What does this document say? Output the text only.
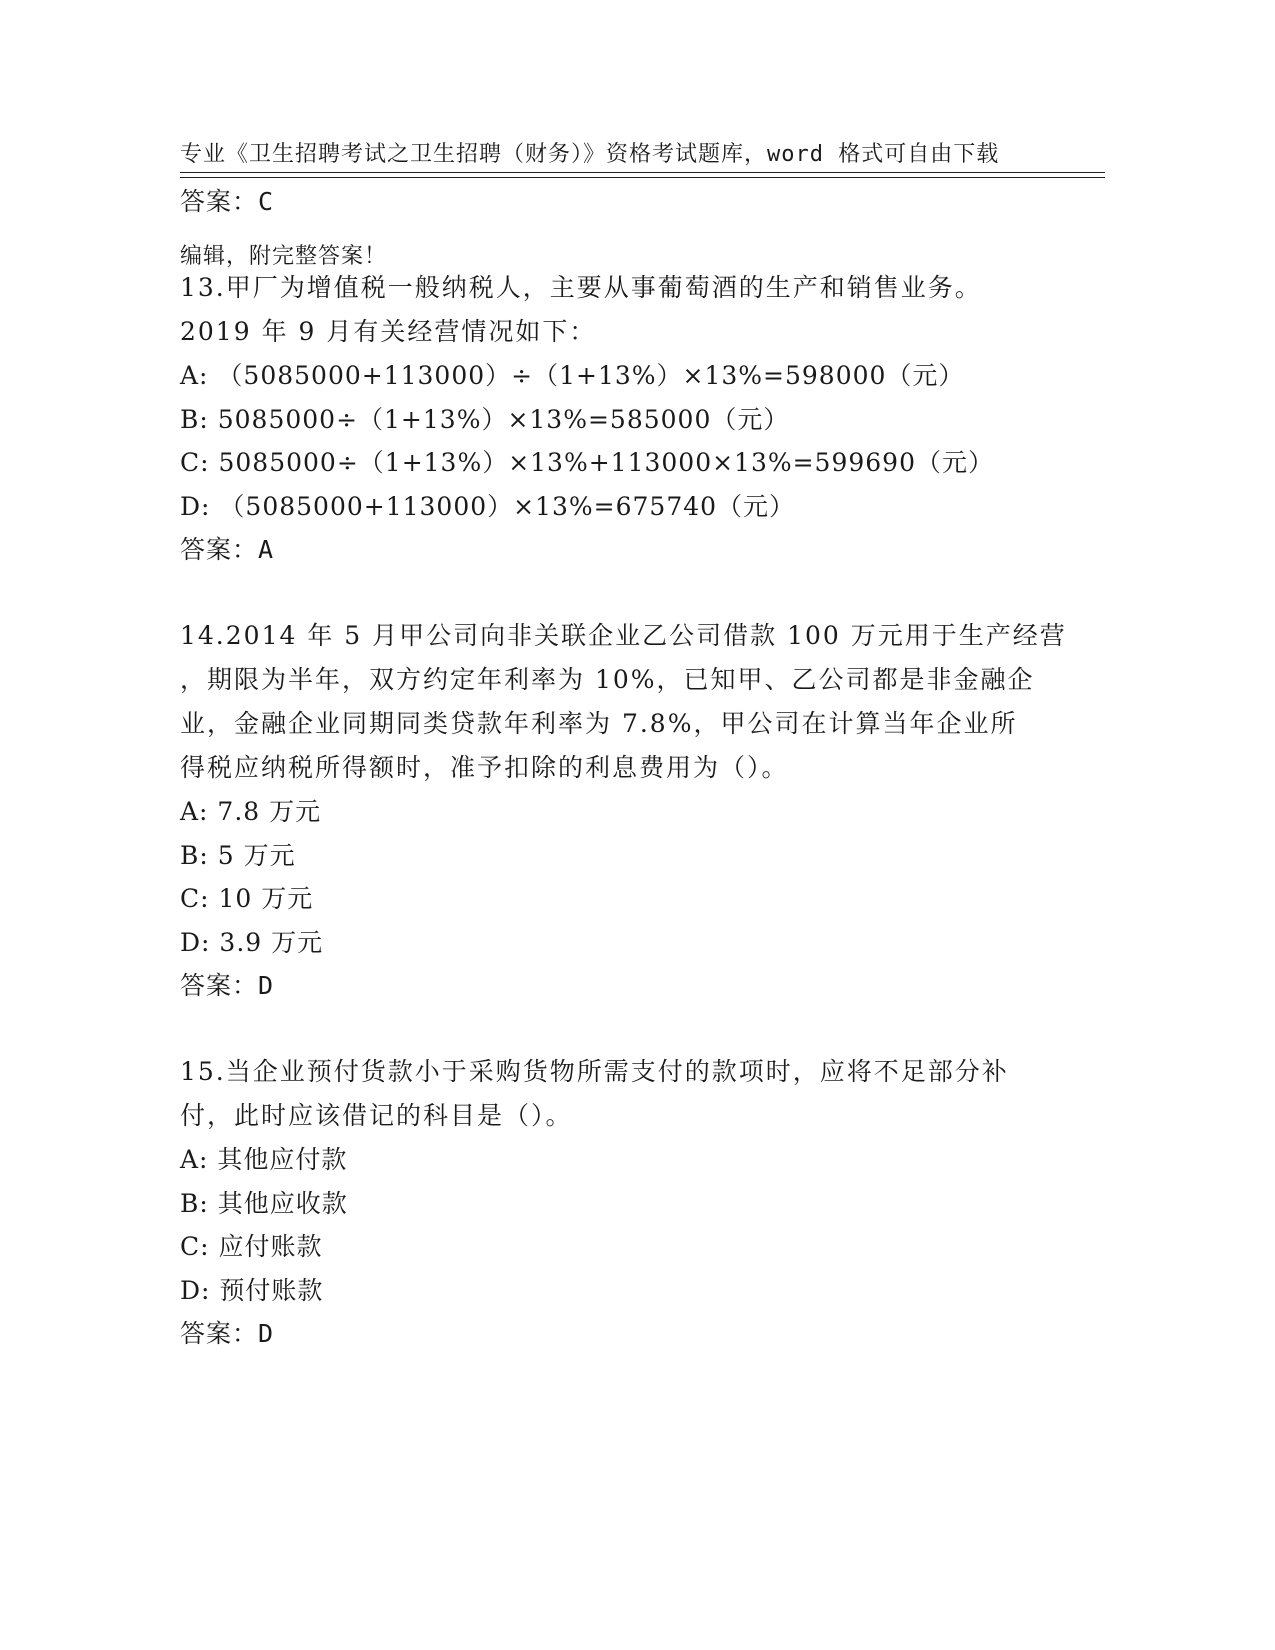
专业《卫生招聘考试之卫生招聘（财务）》资格考试题库，word 格式可自由下载

编辑，附完整答案！

答案：C
13.甲厂为增值税一般纳税人，主要从事葡萄酒的生产和销售业务。
2019 年 9 月有关经营情况如下：
A: （5085000+113000）÷（1+13%）×13%=598000（元）
B: 5085000÷（1+13%）×13%=585000（元）
C: 5085000÷（1+13%）×13%+113000×13%=599690（元）
D: （5085000+113000）×13%=675740（元）
答案：A
14.2014 年 5 月甲公司向非关联企业乙公司借款 100 万元用于生产经营
，期限为半年，双方约定年利率为 10%，已知甲、乙公司都是非金融企
业，金融企业同期同类贷款年利率为 7.8%，甲公司在计算当年企业所
得税应纳税所得额时，准予扣除的利息费用为（）。
A: 7.8 万元
B: 5 万元
C: 10 万元
D: 3.9 万元
答案：D
15.当企业预付货款小于采购货物所需支付的款项时，应将不足部分补
付，此时应该借记的科目是（）。
A: 其他应付款
B: 其他应收款
C: 应付账款
D: 预付账款
答案：D
